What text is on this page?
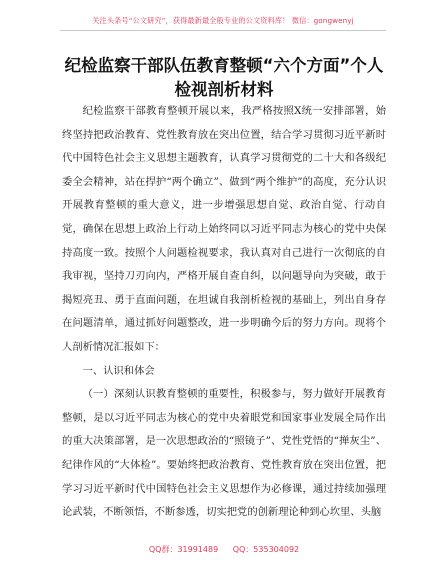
关注头条号“公文研究”，获得最新最全般专业的公文资料库！ 微信：gongwenyj
纪检监察干部队伍教育整顿“六个方面”个人
检视剖析材料

纪检监察干部教育整顿开展以来，我严格按照X统一安排部署，始终坚持把政治教育、党性教育放在突出位置，结合学习贯彻习近平新时代中国特色社会主义思想主题教育，认真学习贯彻党的二十大和各级纪委全会精神，站在捍护“两个确立”、做到“两个维护”的高度，充分认识开展教育整顿的重大意义，进一步增强思想自觉、政治自觉、行动自觉，确保在思想上政治上行动上始终同以习近平同志为核心的党中央保持高度一致。按照个人问题检视要求，我认真对自己进行一次彻底的自我审视，坚持刀刃向内，严格开展自查自纠，以问题导向为突破，敢于揭短亮丑、勇于直面问题，在坦诚自我剖析检视的基础上，列出自身存在问题清单，通过抓好问题整改，进一步明确今后的努力方向。现将个人剖析情况汇报如下：

一、认识和体会

（一）深刻认识教育整顿的重要性，积极参与，努力做好开展教育整顿，是以习近平同志为核心的党中央着眼党和国家事业发展全局作出的重大决策部署，是一次思想政治的“照镜子”、党性党悟的“掸灰尘”、纪律作风的“大体检”。要始终把政治教育、党性教育放在突出位置，把学习习近平新时代中国特色社会主义思想作为必修课，通过持续加强理论武装，不断领悟，不断参透，切实把党的创新理论种到心坎里、头脑

QQ群：31991489 QQ：535304092
